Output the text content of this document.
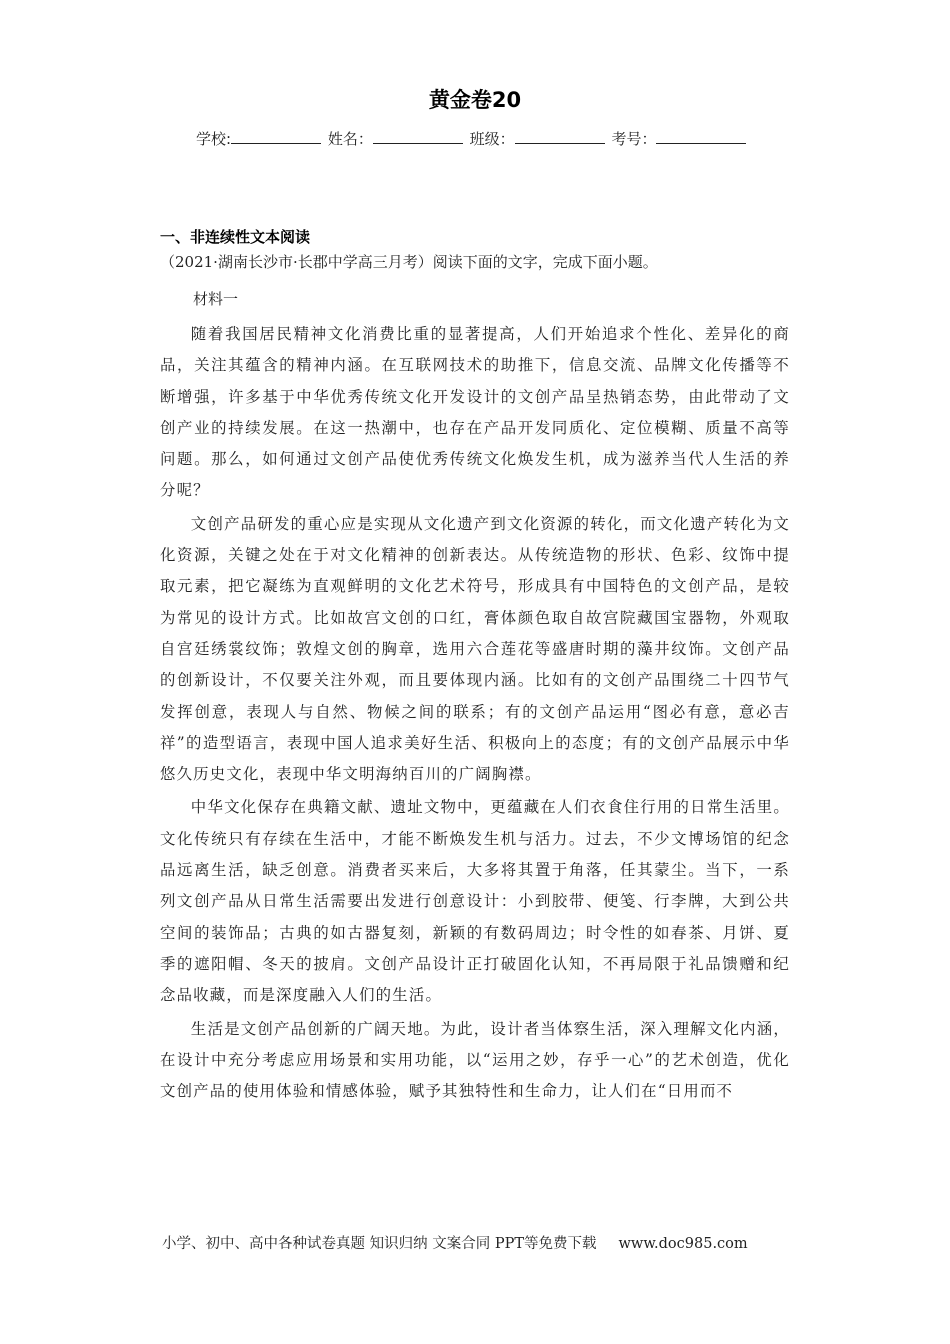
黄金卷20
学校:	姓名：	班级：	考号：
一、非连续性文本阅读
（2021·湖南长沙市·长郡中学高三月考）阅读下面的文字，完成下面小题。
材料一

随着我国居民精神文化消费比重的显著提高，人们开始追求个性化、差异化的商品，关注其蕴含的精神内涵。在互联网技术的助推下，信息交流、品牌文化传播等不断增强，许多基于中华优秀传统文化开发设计的文创产品呈热销态势，由此带动了文创产业的持续发展。在这一热潮中，也存在产品开发同质化、定位模糊、质量不高等问题。那么，如何通过文创产品使优秀传统文化焕发生机，成为滋养当代人生活的养分呢？

文创产品研发的重心应是实现从文化遗产到文化资源的转化，而文化遗产转化为文化资源，关键之处在于对文化精神的创新表达。从传统造物的形状、色彩、纹饰中提取元素，把它凝练为直观鲜明的文化艺术符号，形成具有中国特色的文创产品，是较为常见的设计方式。比如故宫文创的口红，膏体颜色取自故宫院藏国宝器物，外观取自宫廷绣裳纹饰；敦煌文创的胸章，选用六合莲花等盛唐时期的藻井纹饰。文创产品的创新设计，不仅要关注外观，而且要体现内涵。比如有的文创产品围绕二十四节气发挥创意，表现人与自然、物候之间的联系；有的文创产品运用“图必有意，意必吉祥”的造型语言，表现中国人追求美好生活、积极向上的态度；有的文创产品展示中华悠久历史文化，表现中华文明海纳百川的广阔胸襟。

中华文化保存在典籍文献、遗址文物中，更蕴藏在人们衣食住行用的日常生活里。文化传统只有存续在生活中，才能不断焕发生机与活力。过去，不少文博场馆的纪念品远离生活，缺乏创意。消费者买来后，大多将其置于角落，任其蒙尘。当下，一系列文创产品从日常生活需要出发进行创意设计：小到胶带、便笺、行李牌，大到公共空间的装饰品；古典的如古器复刻，新颖的有数码周边；时令性的如春茶、月饼、夏季的遮阳帽、冬天的披肩。文创产品设计正打破固化认知，不再局限于礼品馈赠和纪念品收藏，而是深度融入人们的生活。

生活是文创产品创新的广阔天地。为此，设计者当体察生活，深入理解文化内涵，在设计中充分考虑应用场景和实用功能，以“运用之妙，存乎一心”的艺术创造，优化文创产品的使用体验和情感体验，赋予其独特性和生命力，让人们在“日用而不

小学、初中、高中各种试卷真题 知识归纳 文案合同 PPT等免费下载 www.doc985.com
